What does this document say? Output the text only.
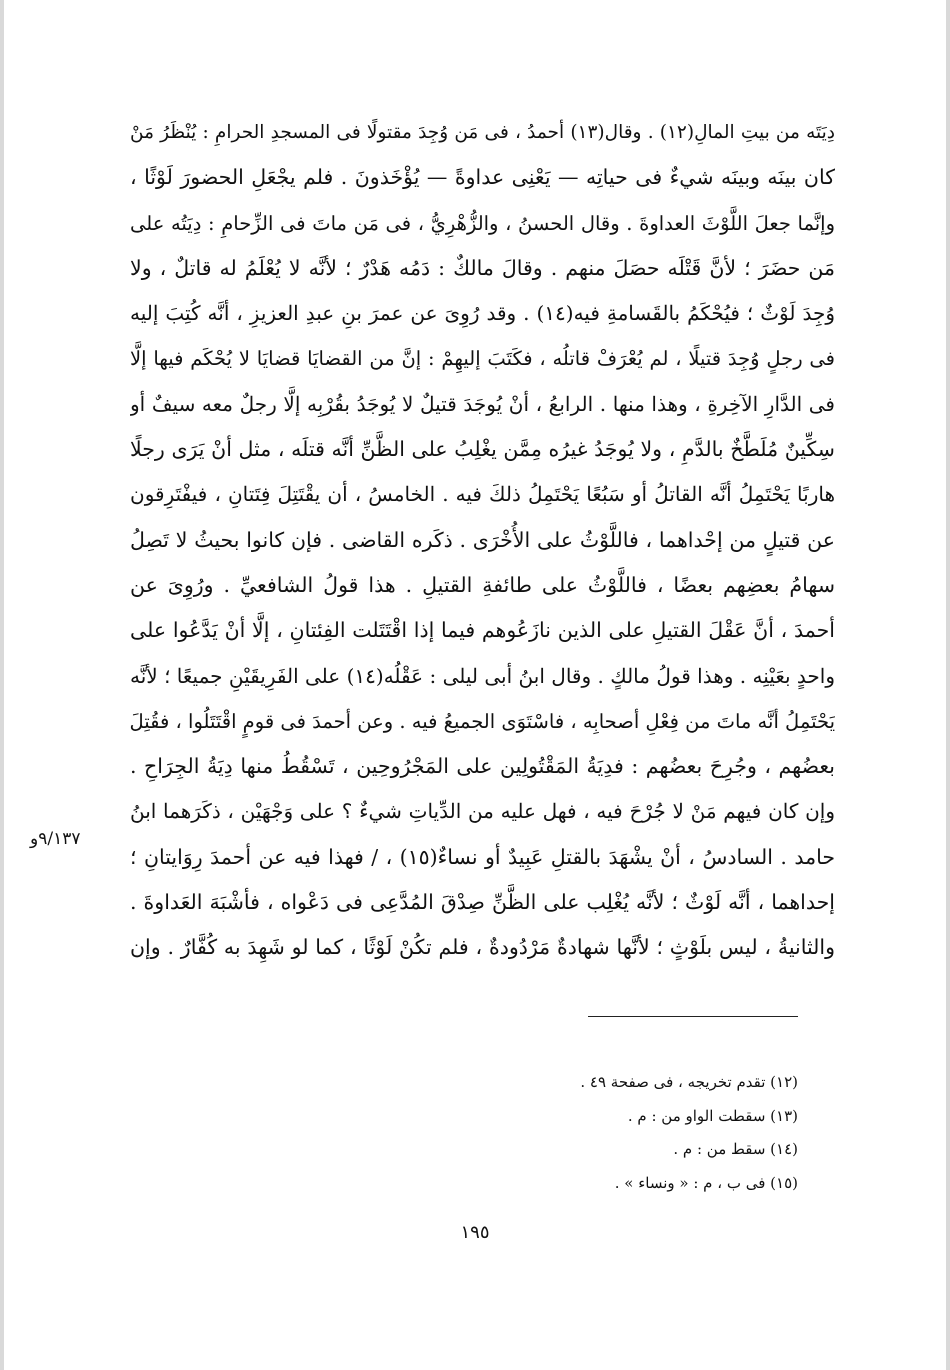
دِيَتَه من بيتِ المالِ(١٢) . وقال(١٣) أحمدُ ، فى مَن وُجِدَ مقتولًا فى المسجدِ الحرامِ : يُنْظَرُ مَنْ
كان بينَه وبينَه شيءٌ فى حياتِه — يَعْنِى عداوةً — يُؤْخَذونَ . فلم يجْعَلِ الحضورَ لَوْثًا ،
وإنَّما جعلَ اللَّوْثَ العداوةَ . وقال الحسنُ ، والزُّهْرِيُّ ، فى مَن ماتَ فى الزِّحامِ : دِيَتُه على
مَن حضَرَ ؛ لأنَّ قَتْلَه حصَلَ منهم . وقالَ مالكٌ : دَمُه هَدْرٌ ؛ لأنَّه لا يُعْلَمُ له قاتلٌ ، ولا
وُجِدَ لَوْثٌ ؛ فيُحْكَمُ بالقَسامةِ فيه(١٤) . وقد رُوِىَ عن عمرَ بنِ عبدِ العزيزِ ، أنَّه كُتِبَ إليه
فى رجلٍ وُجِدَ قتيلًا ، لم يُعْرَفْ قاتلُه ، فكَتَبَ إليهِمْ : إنَّ من القضايَا قضايَا لا يُحْكَم فيها إلَّا
فى الدَّارِ الآخِرةِ ، وهذا منها . الرابعُ ، أنْ يُوجَدَ قتيلٌ لا يُوجَدُ بقُرْبِه إلَّا رجلٌ معه سيفٌ أو
سِكِّينٌ مُلَطَّخٌ بالدَّمِ ، ولا يُوجَدُ غيرُه مِمَّن يغْلِبُ على الظَّنِّ أنَّه قتلَه ، مثل أنْ يَرَى رجلًا
هاربًا يَحْتَمِلُ أنَّه القاتلُ أو سَبُعًا يَحْتَمِلُ ذلكَ فيه . الخامسُ ، أن يقْتَتِلَ فِتَتانِ ، فيفْتَرِقون
عن قتيلٍ من إحْداهما ، فاللَّوْثُ على الأُخْرَى . ذكَره القاضى . فإن كانوا بحيثُ لا تَصِلُ
سهامُ بعضِهم بعضًا ، فاللَّوْثُ على طائفةِ القتيلِ . هذا قولُ الشافعيِّ . ورُوِىَ عن
أحمدَ ، أنَّ عَقْلَ القتيلِ على الذين نازَعُوهم فيما إذا اقْتَتَلت الفِئتانِ ، إلَّا أنْ يَدَّعُوا على
واحدٍ بعَيْنِه . وهذا قولُ مالكٍ . وقال ابنُ أبى ليلى : عَقْلُه(١٤) على الفَرِيقَيْنِ جميعًا ؛ لأنَّه
يَحْتَمِلُ أنَّه ماتَ من فِعْلِ أصحابِه ، فاسْتَوَى الجميعُ فيه . وعن أحمدَ فى قومٍ اقْتَتَلُوا ، فقُتِلَ
بعضُهم ، وجُرِحَ بعضُهم : فدِيَةُ المَقْتُولِين على المَجْرُوحِين ، تَسْقُطُ منها دِيَةُ الجِرَاحِ .
وإن كان فيهم مَنْ لا جُرْحَ فيه ، فهل عليه من الدِّياتِ شيءٌ ؟ على وَجْهَيْن ، ذكَرَهما ابنُ
حامد . السادسُ ، أنْ يشْهَدَ بالقتلِ عَبِيدٌ أو نساءٌ(١٥) ، / فهذا فيه عن أحمدَ رِوَايتانِ ؛
إحداهما ، أنَّه لَوْثٌ ؛ لأنَّه يُغْلِب على الظَّنِّ صِدْقَ المُدَّعِى فى دَعْواه ، فأشْبَهَ العَداوةَ .
والثانيةُ ، ليس بلَوْثٍ ؛ لأنَّها شهادةٌ مَرْدُودةٌ ، فلم تكُنْ لَوْثًا ، كما لو شَهِدَ به كُفَّارٌ . وإن
٩/١٣٧و
(١٢) تقدم تخريجه ، فى صفحة ٤٩ .
(١٣) سقطت الواو من : م .
(١٤) سقط من : م .
(١٥) فى ب ، م : « ونساء » .
١٩٥
